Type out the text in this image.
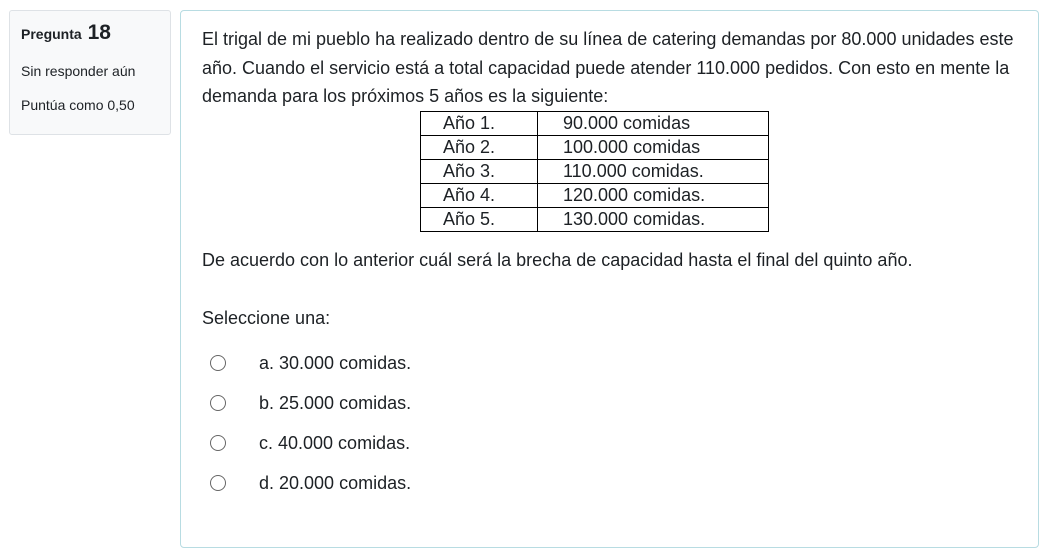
Pregunta 18
Sin responder aún
Puntúa como 0,50

El trigal de mi pueblo ha realizado dentro de su línea de catering demandas por 80.000 unidades este año. Cuando el servicio está a total capacidad puede atender 110.000 pedidos. Con esto en mente la demanda para los próximos 5 años es la siguiente:

Año 1.	90.000 comidas
Año 2.	100.000 comidas
Año 3.	110.000 comidas.
Año 4.	120.000 comidas.
Año 5.	130.000 comidas.

De acuerdo con lo anterior cuál será la brecha de capacidad hasta el final del quinto año.

Seleccione una:
a. 30.000 comidas.
b. 25.000 comidas.
c. 40.000 comidas.
d. 20.000 comidas.
